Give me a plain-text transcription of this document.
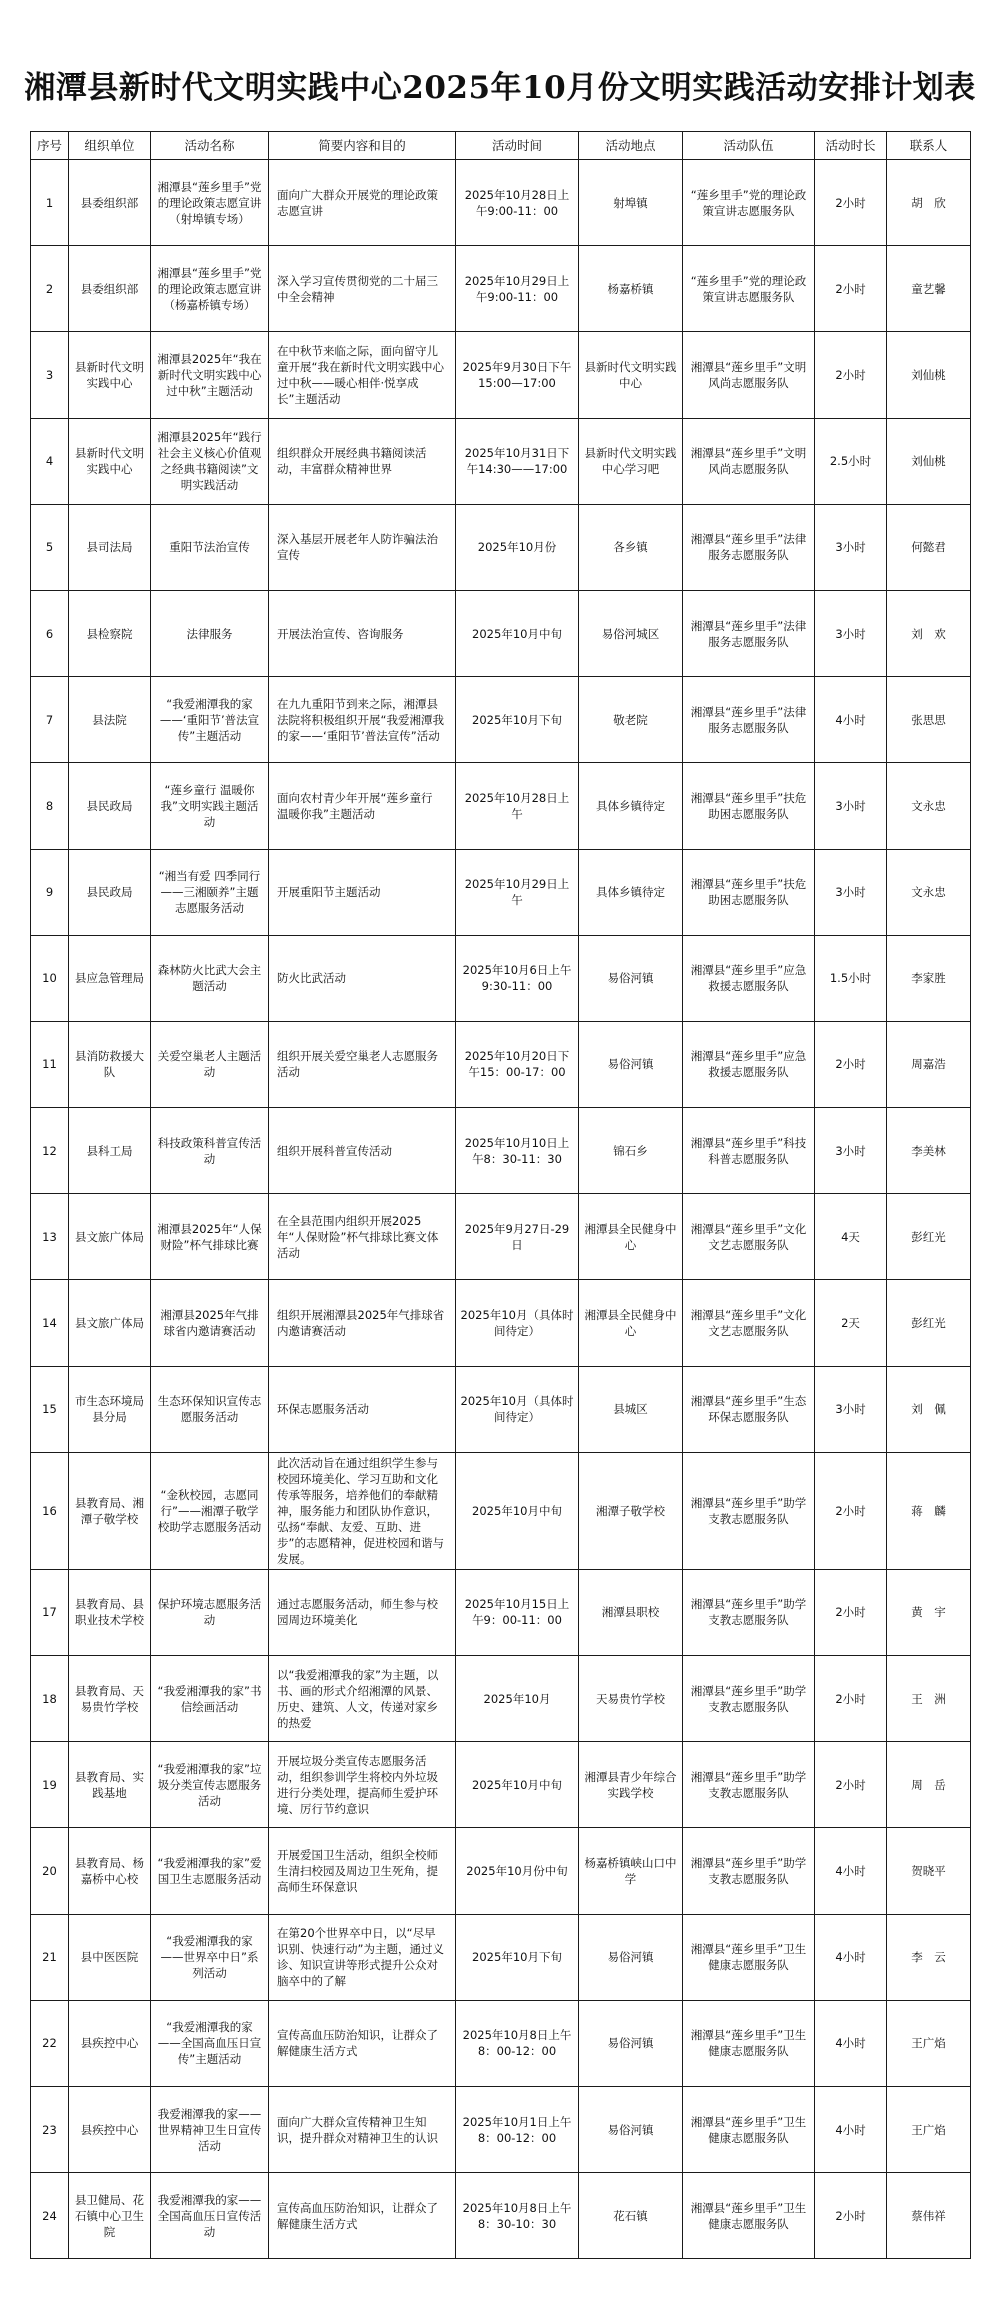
湘潭县新时代文明实践中心2025年10月份文明实践活动安排计划表
序号	组织单位	活动名称	简要内容和目的	活动时间	活动地点	活动队伍	活动时长	联系人
1	县委组织部	湘潭县“莲乡里手”党的理论政策志愿宣讲（射埠镇专场）	面向广大群众开展党的理论政策志愿宣讲	2025年10月28日上午9:00-11：00	射埠镇	“莲乡里手”党的理论政策宣讲志愿服务队	2小时	胡　欣
2	县委组织部	湘潭县“莲乡里手”党的理论政策志愿宣讲（杨嘉桥镇专场）	深入学习宣传贯彻党的二十届三中全会精神	2025年10月29日上午9:00-11：00	杨嘉桥镇	“莲乡里手”党的理论政策宣讲志愿服务队	2小时	童艺馨
3	县新时代文明实践中心	湘潭县2025年“我在新时代文明实践中心过中秋”主题活动	在中秋节来临之际，面向留守儿童开展“我在新时代文明实践中心过中秋——暖心相伴·悦享成长”主题活动	2025年9月30日下午15:00—17:00	县新时代文明实践中心	湘潭县“莲乡里手”文明风尚志愿服务队	2小时	刘仙桃
4	县新时代文明实践中心	湘潭县2025年“践行社会主义核心价值观之经典书籍阅读”文明实践活动	组织群众开展经典书籍阅读活动，丰富群众精神世界	2025年10月31日下午14:30——17:00	县新时代文明实践中心学习吧	湘潭县“莲乡里手”文明风尚志愿服务队	2.5小时	刘仙桃
5	县司法局	重阳节法治宣传	深入基层开展老年人防诈骗法治宣传	2025年10月份	各乡镇	湘潭县“莲乡里手”法律服务志愿服务队	3小时	何懿君
6	县检察院	法律服务	开展法治宣传、咨询服务	2025年10月中旬	易俗河城区	湘潭县“莲乡里手”法律服务志愿服务队	3小时	刘　欢
7	县法院	“我爱湘潭我的家——‘重阳节’普法宣传”主题活动	在九九重阳节到来之际，湘潭县法院将积极组织开展“我爱湘潭我的家——‘重阳节’普法宣传”活动	2025年10月下旬	敬老院	湘潭县“莲乡里手”法律服务志愿服务队	4小时	张思思
8	县民政局	“莲乡童行 温暖你我”文明实践主题活动	面向农村青少年开展“莲乡童行 温暖你我”主题活动	2025年10月28日上午	具体乡镇待定	湘潭县“莲乡里手”扶危助困志愿服务队	3小时	文永忠
9	县民政局	“湘当有爱 四季同行——三湘颐养”主题志愿服务活动	开展重阳节主题活动	2025年10月29日上午	具体乡镇待定	湘潭县“莲乡里手”扶危助困志愿服务队	3小时	文永忠
10	县应急管理局	森林防火比武大会主题活动	防火比武活动	2025年10月6日上午9:30-11：00	易俗河镇	湘潭县“莲乡里手”应急救援志愿服务队	1.5小时	李家胜
11	县消防救援大队	关爱空巢老人主题活动	组织开展关爱空巢老人志愿服务活动	2025年10月20日下午15：00-17：00	易俗河镇	湘潭县“莲乡里手”应急救援志愿服务队	2小时	周嘉浩
12	县科工局	科技政策科普宣传活动	组织开展科普宣传活动	2025年10月10日上午8：30-11：30	锦石乡	湘潭县“莲乡里手”科技科普志愿服务队	3小时	李美林
13	县文旅广体局	湘潭县2025年“人保财险”杯气排球比赛	在全县范围内组织开展2025年“人保财险”杯气排球比赛文体活动	2025年9月27日-29日	湘潭县全民健身中心	湘潭县“莲乡里手”文化文艺志愿服务队	4天	彭红光
14	县文旅广体局	湘潭县2025年气排球省内邀请赛活动	组织开展湘潭县2025年气排球省内邀请赛活动	2025年10月（具体时间待定）	湘潭县全民健身中心	湘潭县“莲乡里手”文化文艺志愿服务队	2天	彭红光
15	市生态环境局县分局	生态环保知识宣传志愿服务活动	环保志愿服务活动	2025年10月（具体时间待定）	县城区	湘潭县“莲乡里手”生态环保志愿服务队	3小时	刘　佩
16	县教育局、湘潭子敬学校	“金秋校园，志愿同行”——湘潭子敬学校助学志愿服务活动	此次活动旨在通过组织学生参与校园环境美化、学习互助和文化传承等服务，培养他们的奉献精神，服务能力和团队协作意识，弘扬“奉献、友爱、互助、进步”的志愿精神，促进校园和谐与发展。	2025年10月中旬	湘潭子敬学校	湘潭县“莲乡里手”助学支教志愿服务队	2小时	蒋　麟
17	县教育局、县职业技术学校	保护环境志愿服务活动	通过志愿服务活动，师生参与校园周边环境美化	2025年10月15日上午9：00-11：00	湘潭县职校	湘潭县“莲乡里手”助学支教志愿服务队	2小时	黄　宇
18	县教育局、天易贵竹学校	“我爱湘潭我的家”书信绘画活动	以“我爱湘潭我的家”为主题，以书、画的形式介绍湘潭的风景、历史、建筑、人文，传递对家乡的热爱	2025年10月	天易贵竹学校	湘潭县“莲乡里手”助学支教志愿服务队	2小时	王　洲
19	县教育局、实践基地	“我爱湘潭我的家”垃圾分类宣传志愿服务活动	开展垃圾分类宣传志愿服务活动，组织参训学生将校内外垃圾进行分类处理，提高师生爱护环境、厉行节约意识	2025年10月中旬	湘潭县青少年综合实践学校	湘潭县“莲乡里手”助学支教志愿服务队	2小时	周　岳
20	县教育局、杨嘉桥中心校	“我爱湘潭我的家”爱国卫生志愿服务活动	开展爱国卫生活动，组织全校师生清扫校园及周边卫生死角，提高师生环保意识	2025年10月份中旬	杨嘉桥镇峡山口中学	湘潭县“莲乡里手”助学支教志愿服务队	4小时	贺晓平
21	县中医医院	“我爱湘潭我的家——世界卒中日”系列活动	在第20个世界卒中日，以“尽早识别、快速行动”为主题，通过义诊、知识宣讲等形式提升公众对脑卒中的了解	2025年10月下旬	易俗河镇	湘潭县“莲乡里手”卫生健康志愿服务队	4小时	李　云
22	县疾控中心	“我爱湘潭我的家——全国高血压日宣传”主题活动	宣传高血压防治知识，让群众了解健康生活方式	2025年10月8日上午8：00-12：00	易俗河镇	湘潭县“莲乡里手”卫生健康志愿服务队	4小时	王广焰
23	县疾控中心	我爱湘潭我的家——世界精神卫生日宣传活动	面向广大群众宣传精神卫生知识，提升群众对精神卫生的认识	2025年10月1日上午8：00-12：00	易俗河镇	湘潭县“莲乡里手”卫生健康志愿服务队	4小时	王广焰
24	县卫健局、花石镇中心卫生院	我爱湘潭我的家——全国高血压日宣传活动	宣传高血压防治知识，让群众了解健康生活方式	2025年10月8日上午8：30-10：30	花石镇	湘潭县“莲乡里手”卫生健康志愿服务队	2小时	蔡伟祥
